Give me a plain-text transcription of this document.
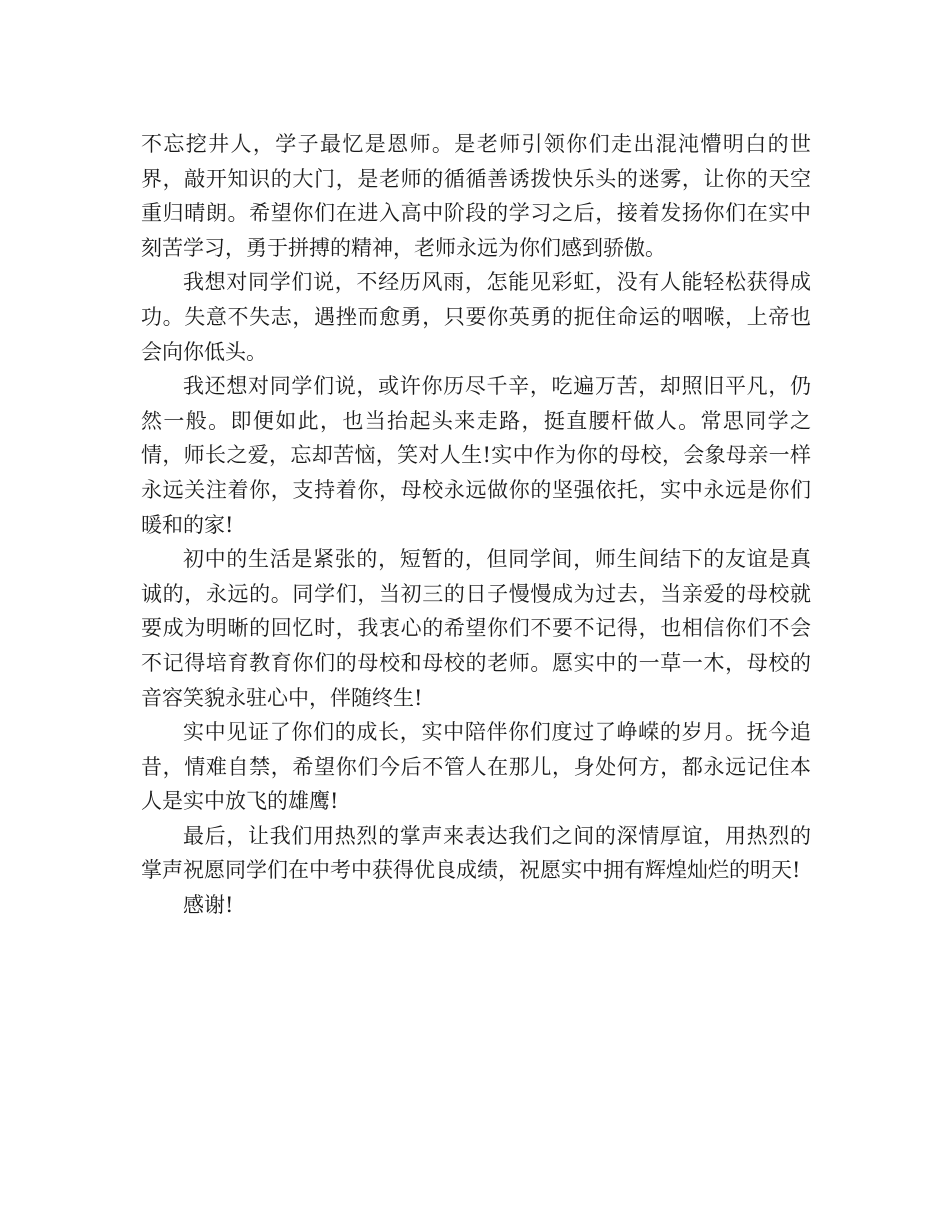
不忘挖井人，学子最忆是恩师。是老师引领你们走出混沌懵明白的世界，敲开知识的大门，是老师的循循善诱拨快乐头的迷雾，让你的天空重归晴朗。希望你们在进入高中阶段的学习之后，接着发扬你们在实中刻苦学习，勇于拼搏的精神，老师永远为你们感到骄傲。

我想对同学们说，不经历风雨，怎能见彩虹，没有人能轻松获得成功。失意不失志，遇挫而愈勇，只要你英勇的扼住命运的咽喉，上帝也会向你低头。

我还想对同学们说，或许你历尽千辛，吃遍万苦，却照旧平凡，仍然一般。即便如此，也当抬起头来走路，挺直腰杆做人。常思同学之情，师长之爱，忘却苦恼，笑对人生!实中作为你的母校，会象母亲一样永远关注着你，支持着你，母校永远做你的坚强依托，实中永远是你们暖和的家!

初中的生活是紧张的，短暂的，但同学间，师生间结下的友谊是真诚的，永远的。同学们，当初三的日子慢慢成为过去，当亲爱的母校就要成为明晰的回忆时，我衷心的希望你们不要不记得，也相信你们不会不记得培育教育你们的母校和母校的老师。愿实中的一草一木，母校的音容笑貌永驻心中，伴随终生!

实中见证了你们的成长，实中陪伴你们度过了峥嵘的岁月。抚今追昔，情难自禁，希望你们今后不管人在那儿，身处何方，都永远记住本人是实中放飞的雄鹰!

最后，让我们用热烈的掌声来表达我们之间的深情厚谊，用热烈的掌声祝愿同学们在中考中获得优良成绩，祝愿实中拥有辉煌灿烂的明天!

感谢!
